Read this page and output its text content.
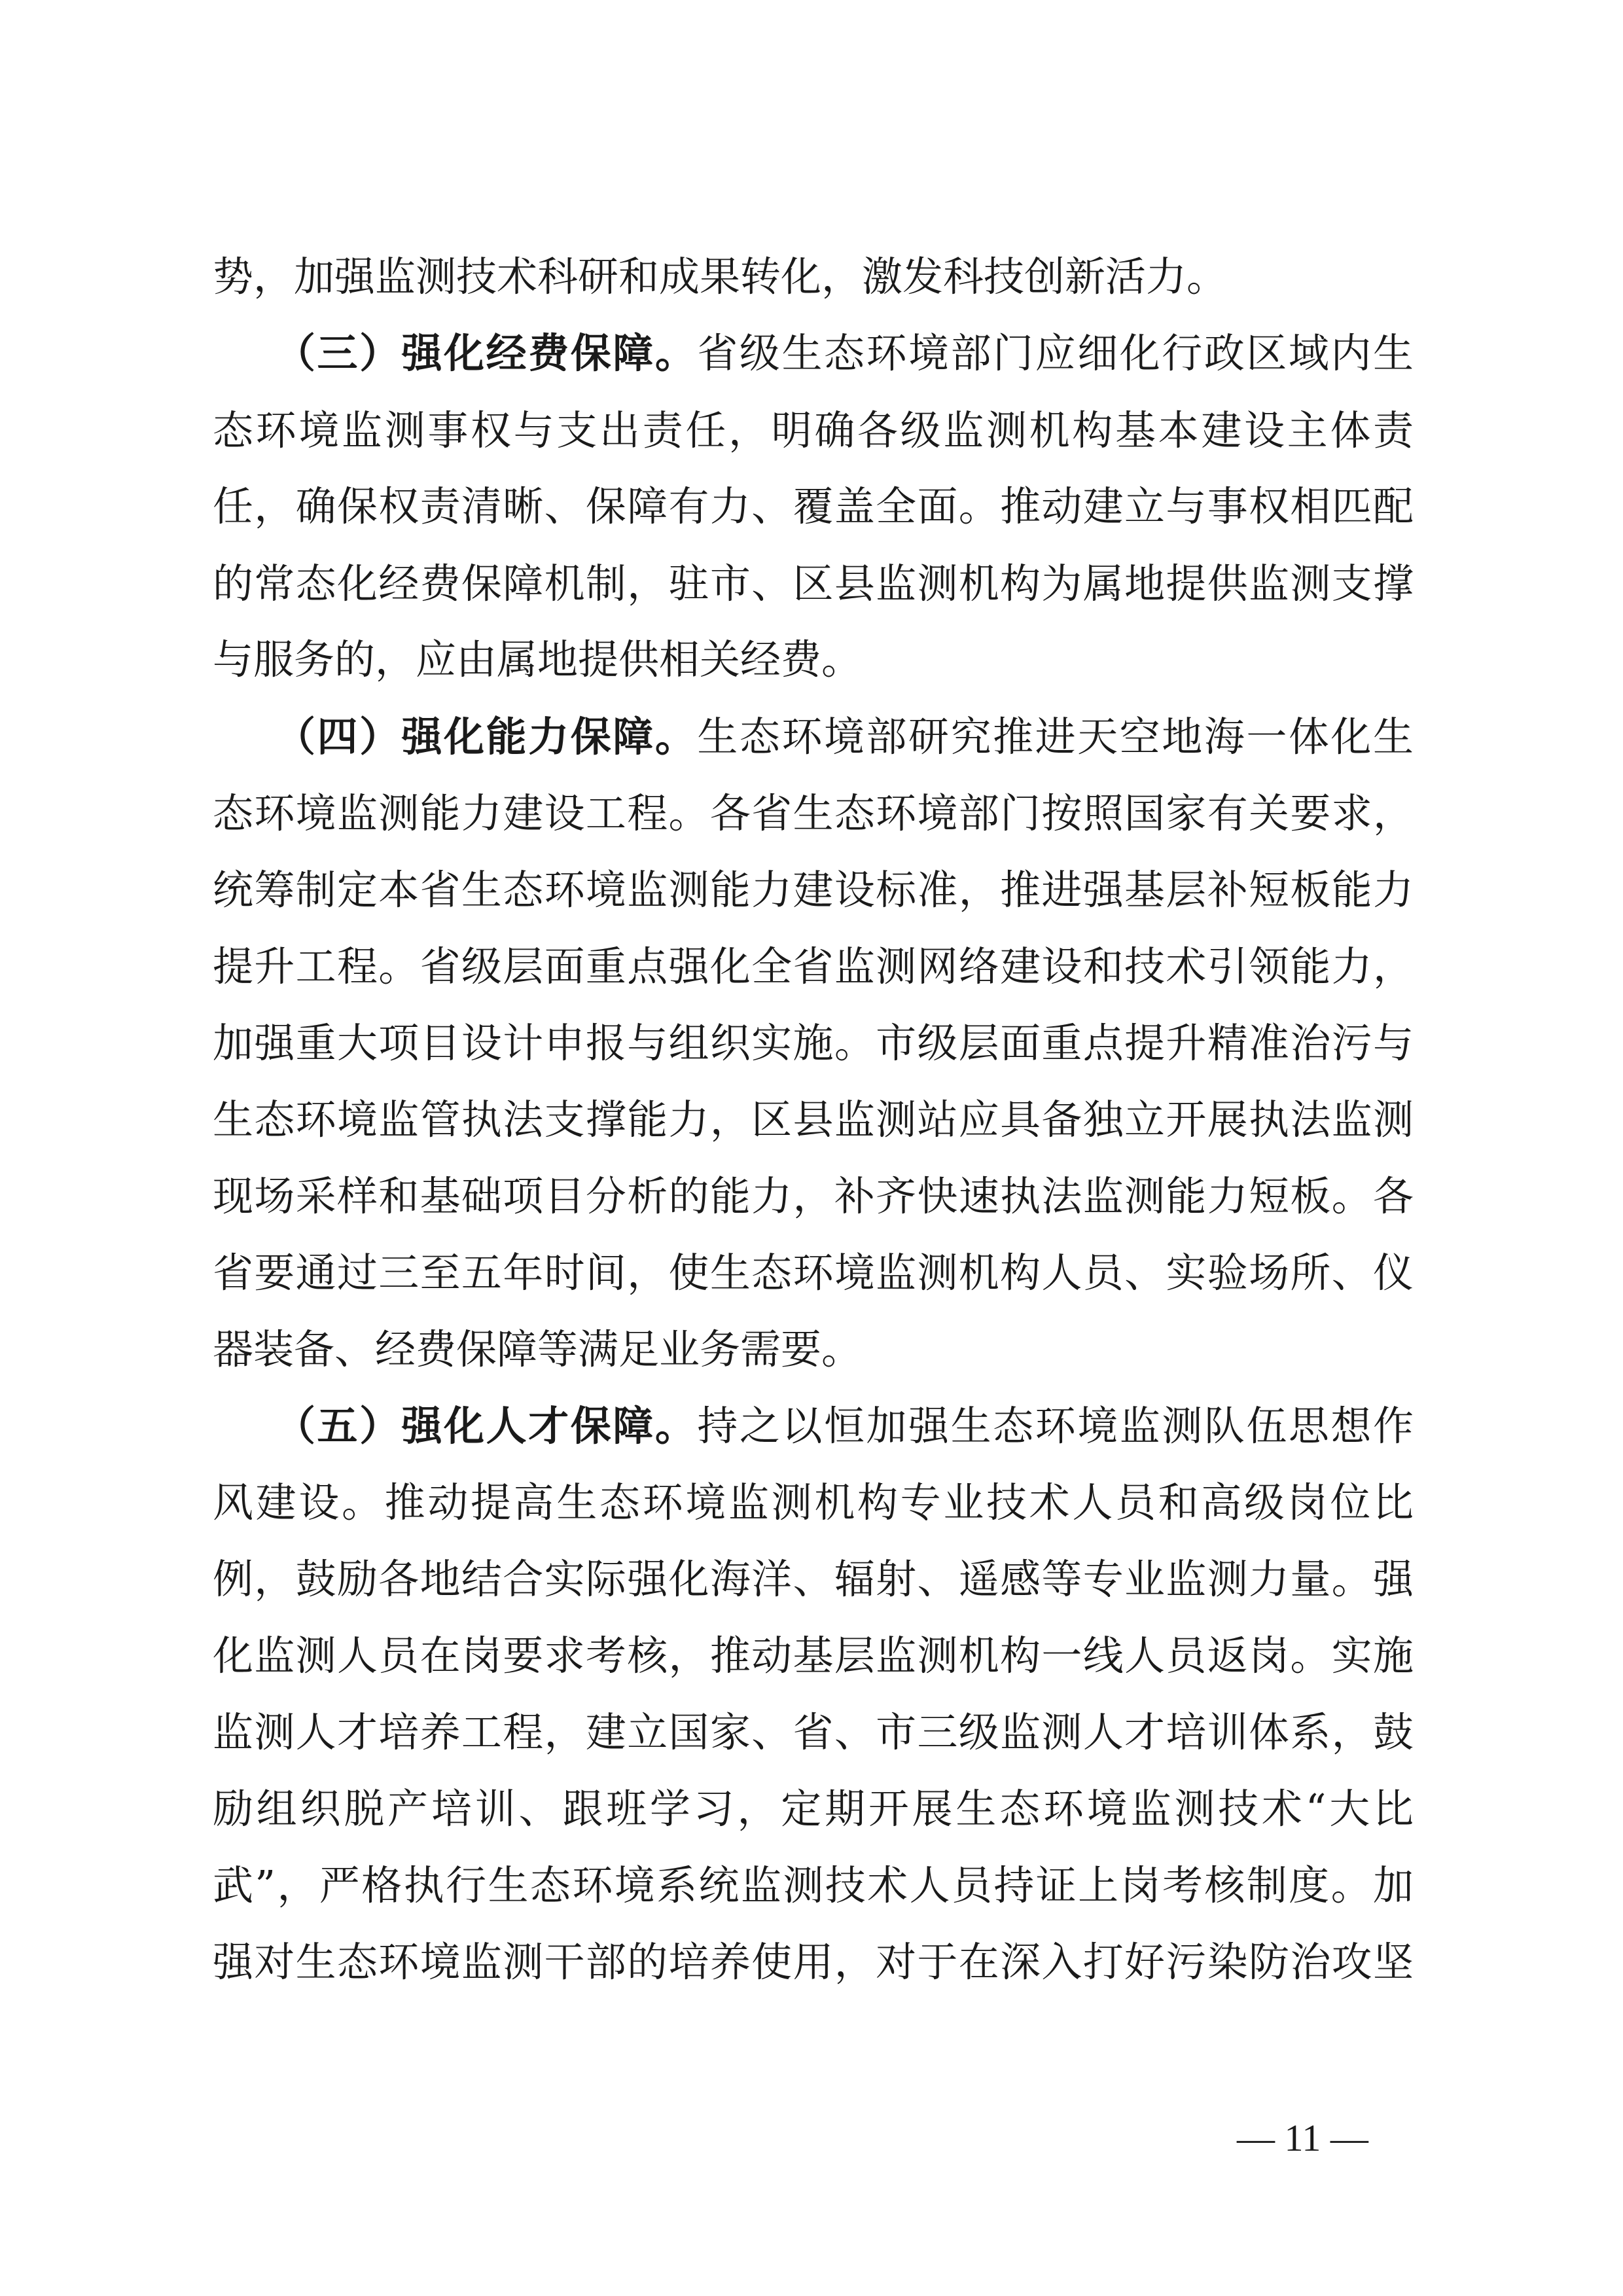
势，加强监测技术科研和成果转化，激发科技创新活力。
（三）强化经费保障。省级生态环境部门应细化行政区域内生
态环境监测事权与支出责任，明确各级监测机构基本建设主体责
任，确保权责清晰、保障有力、覆盖全面。推动建立与事权相匹配
的常态化经费保障机制，驻市、区县监测机构为属地提供监测支撑
与服务的，应由属地提供相关经费。
（四）强化能力保障。生态环境部研究推进天空地海一体化生
态环境监测能力建设工程。各省生态环境部门按照国家有关要求，
统筹制定本省生态环境监测能力建设标准，推进强基层补短板能力
提升工程。省级层面重点强化全省监测网络建设和技术引领能力，
加强重大项目设计申报与组织实施。市级层面重点提升精准治污与
生态环境监管执法支撑能力，区县监测站应具备独立开展执法监测
现场采样和基础项目分析的能力，补齐快速执法监测能力短板。各
省要通过三至五年时间，使生态环境监测机构人员、实验场所、仪
器装备、经费保障等满足业务需要。
（五）强化人才保障。持之以恒加强生态环境监测队伍思想作
风建设。推动提高生态环境监测机构专业技术人员和高级岗位比
例，鼓励各地结合实际强化海洋、辐射、遥感等专业监测力量。强
化监测人员在岗要求考核，推动基层监测机构一线人员返岗。实施
监测人才培养工程，建立国家、省、市三级监测人才培训体系，鼓
励组织脱产培训、跟班学习，定期开展生态环境监测技术“大比
武”，严格执行生态环境系统监测技术人员持证上岗考核制度。加
强对生态环境监测干部的培养使用，对于在深入打好污染防治攻坚
— 11 —
